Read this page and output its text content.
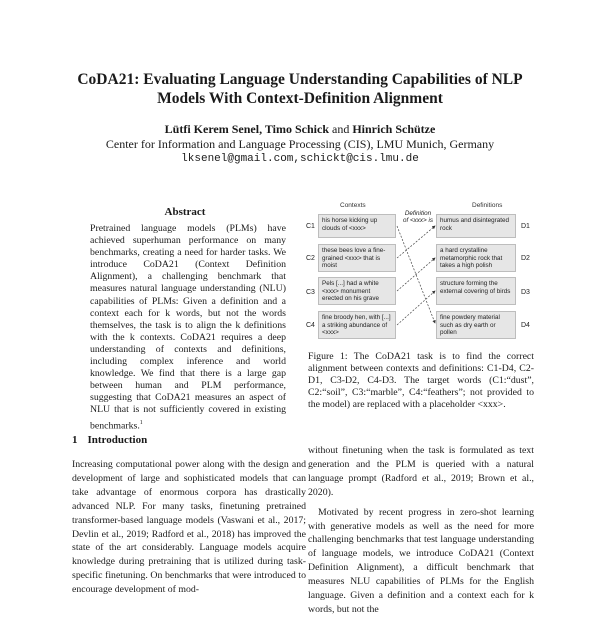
CoDA21: Evaluating Language Understanding Capabilities of NLP
Models With Context-Definition Alignment
Lütfi Kerem Senel, Timo Schick and Hinrich Schütze
Center for Information and Language Processing (CIS), LMU Munich, Germany
lksenel@gmail.com,schickt@cis.lmu.de
Abstract
Pretrained language models (PLMs) have achieved superhuman performance on many benchmarks, creating a need for harder tasks. We introduce CoDA21 (Context Definition Alignment), a challenging benchmark that measures natural language understanding (NLU) capabilities of PLMs: Given a definition and a context each for k words, but not the words themselves, the task is to align the k definitions with the k contexts. CoDA21 requires a deep understanding of contexts and definitions, including complex inference and world knowledge. We find that there is a large gap between human and PLM performance, suggesting that CoDA21 measures an aspect of NLU that is not sufficiently covered in existing benchmarks.$^1$
1 Introduction
Increasing computational power along with the design and development of large and sophisticated models that can take advantage of enormous corpora has drastically advanced NLP. For many tasks, finetuning pretrained transformer-based language models (Vaswani et al., 2017; Devlin et al., 2019; Radford et al., 2018) has improved the state of the art considerably. Language models acquire knowledge during pretraining that is utilized during task-specific finetuning. On benchmarks that were introduced to encourage development of mod-
Contexts	Definitions
Definition of <xxx> is
C1
his horse kicking up clouds of <xxx>
C2
these bees love a fine-grained <xxx> that is moist
C3
Pels [...] had a white <xxx> monument erected on his grave
C4
fine broody hen, with [...] a striking abundance of <xxx>
humus and disintegrated rock	D1
a hard crystalline metamorphic rock that takes a high polish
D2
structure forming the external covering of birds	D3
fine powdery material such as dry earth or pollen
D4
Figure 1: The CoDA21 task is to find the correct alignment between contexts and definitions: C1-D4, C2-D1, C3-D2, C4-D3. The target words (C1:“dust”, C2:“soil”, C3:“marble”, C4:“feathers”; not provided to the model) are replaced with a placeholder <xxx>.

without finetuning when the task is formulated as text generation and the PLM is queried with a natural language prompt (Radford et al., 2019; Brown et al., 2020).

Motivated by recent progress in zero-shot learning with generative models as well as the need for more challenging benchmarks that test language understanding of language models, we introduce CoDA21 (Context Definition Alignment), a difficult benchmark that measures NLU capabilities of PLMs for the English language. Given a definition and a context each for k words, but not the
